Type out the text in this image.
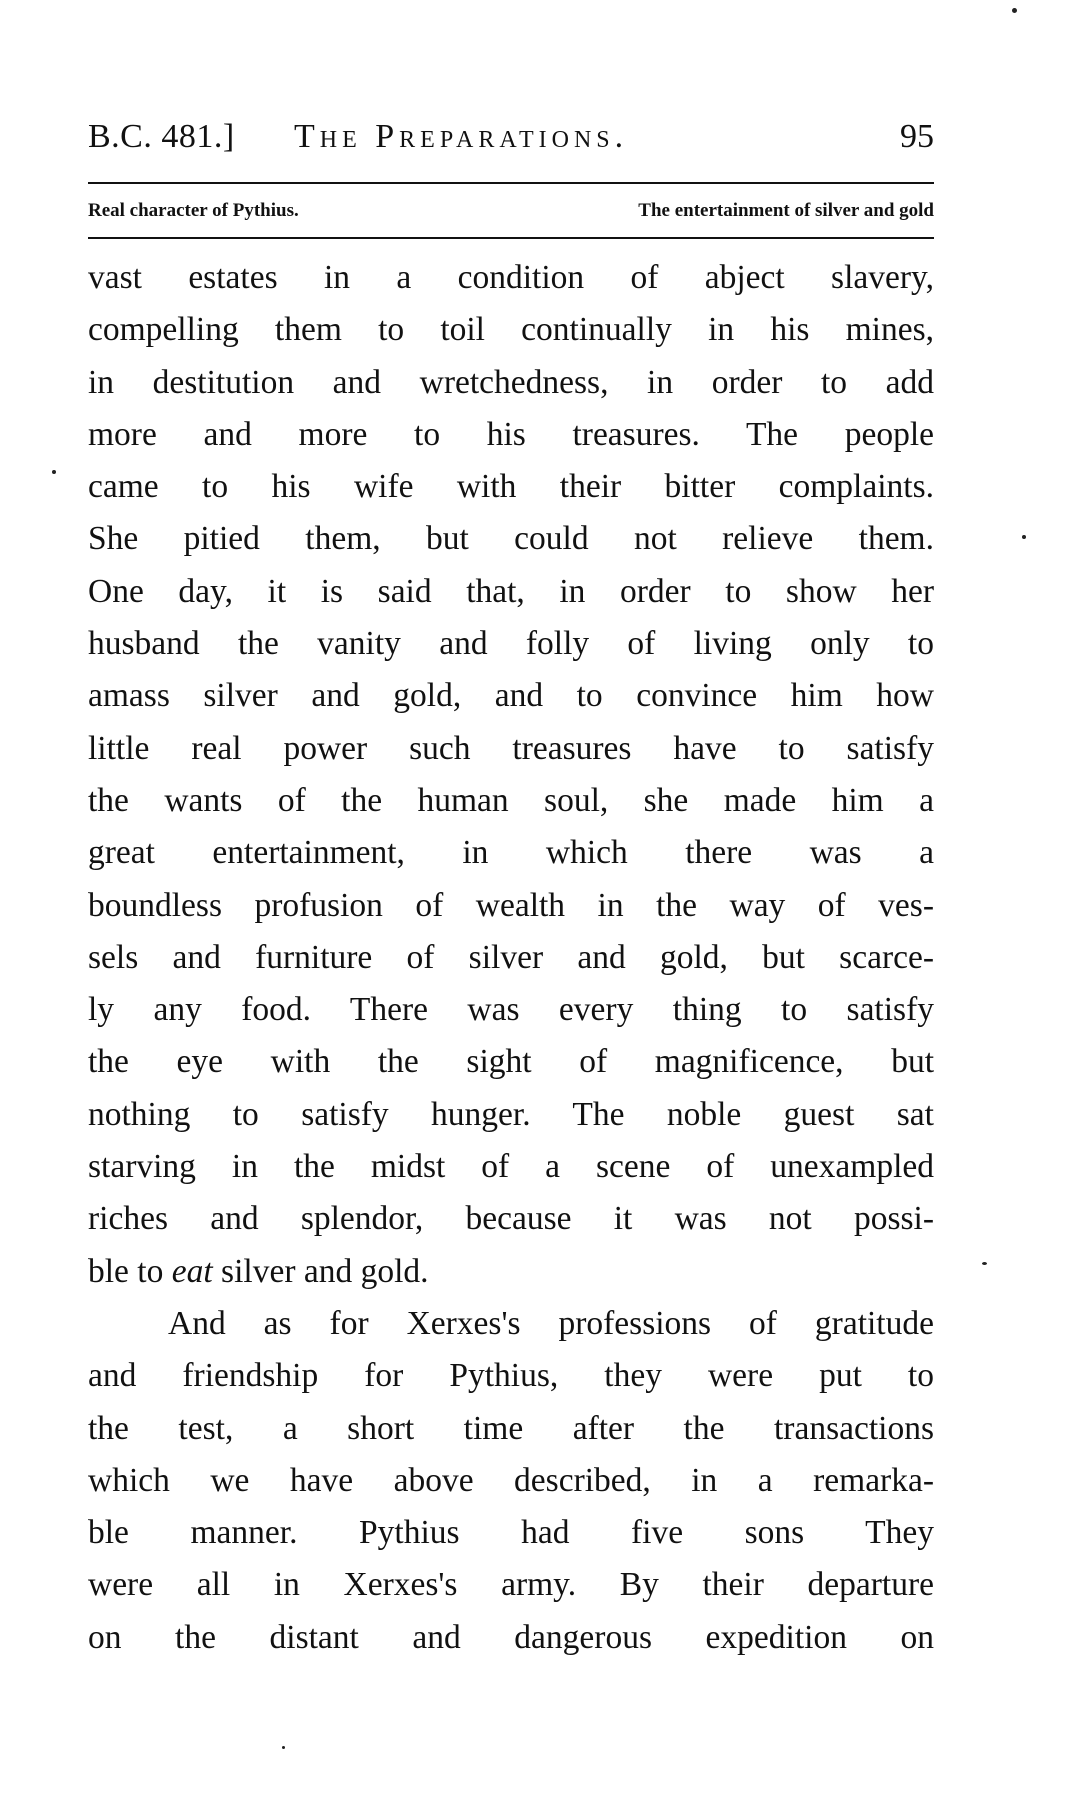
B.C. 481.] The Preparations.	95
Real character of Pythius.	The entertainment of silver and gold
vast estates in a condition of abject slavery,
compelling them to toil continually in his mines,
in destitution and wretchedness, in order to add
more and more to his treasures. The people
came to his wife with their bitter complaints.
She pitied them, but could not relieve them.
One day, it is said that, in order to show her
husband the vanity and folly of living only to
amass silver and gold, and to convince him how
little real power such treasures have to satisfy
the wants of the human soul, she made him a
great entertainment, in which there was a
boundless profusion of wealth in the way of ves-
sels and furniture of silver and gold, but scarce-
ly any food. There was every thing to satisfy
the eye with the sight of magnificence, but
nothing to satisfy hunger. The noble guest sat
starving in the midst of a scene of unexampled
riches and splendor, because it was not possi-
ble to eat silver and gold.
And as for Xerxes's professions of gratitude
and friendship for Pythius, they were put to
the test, a short time after the transactions
which we have above described, in a remarka-
ble manner. Pythius had five sons They
were all in Xerxes's army. By their departure
on the distant and dangerous expedition on
